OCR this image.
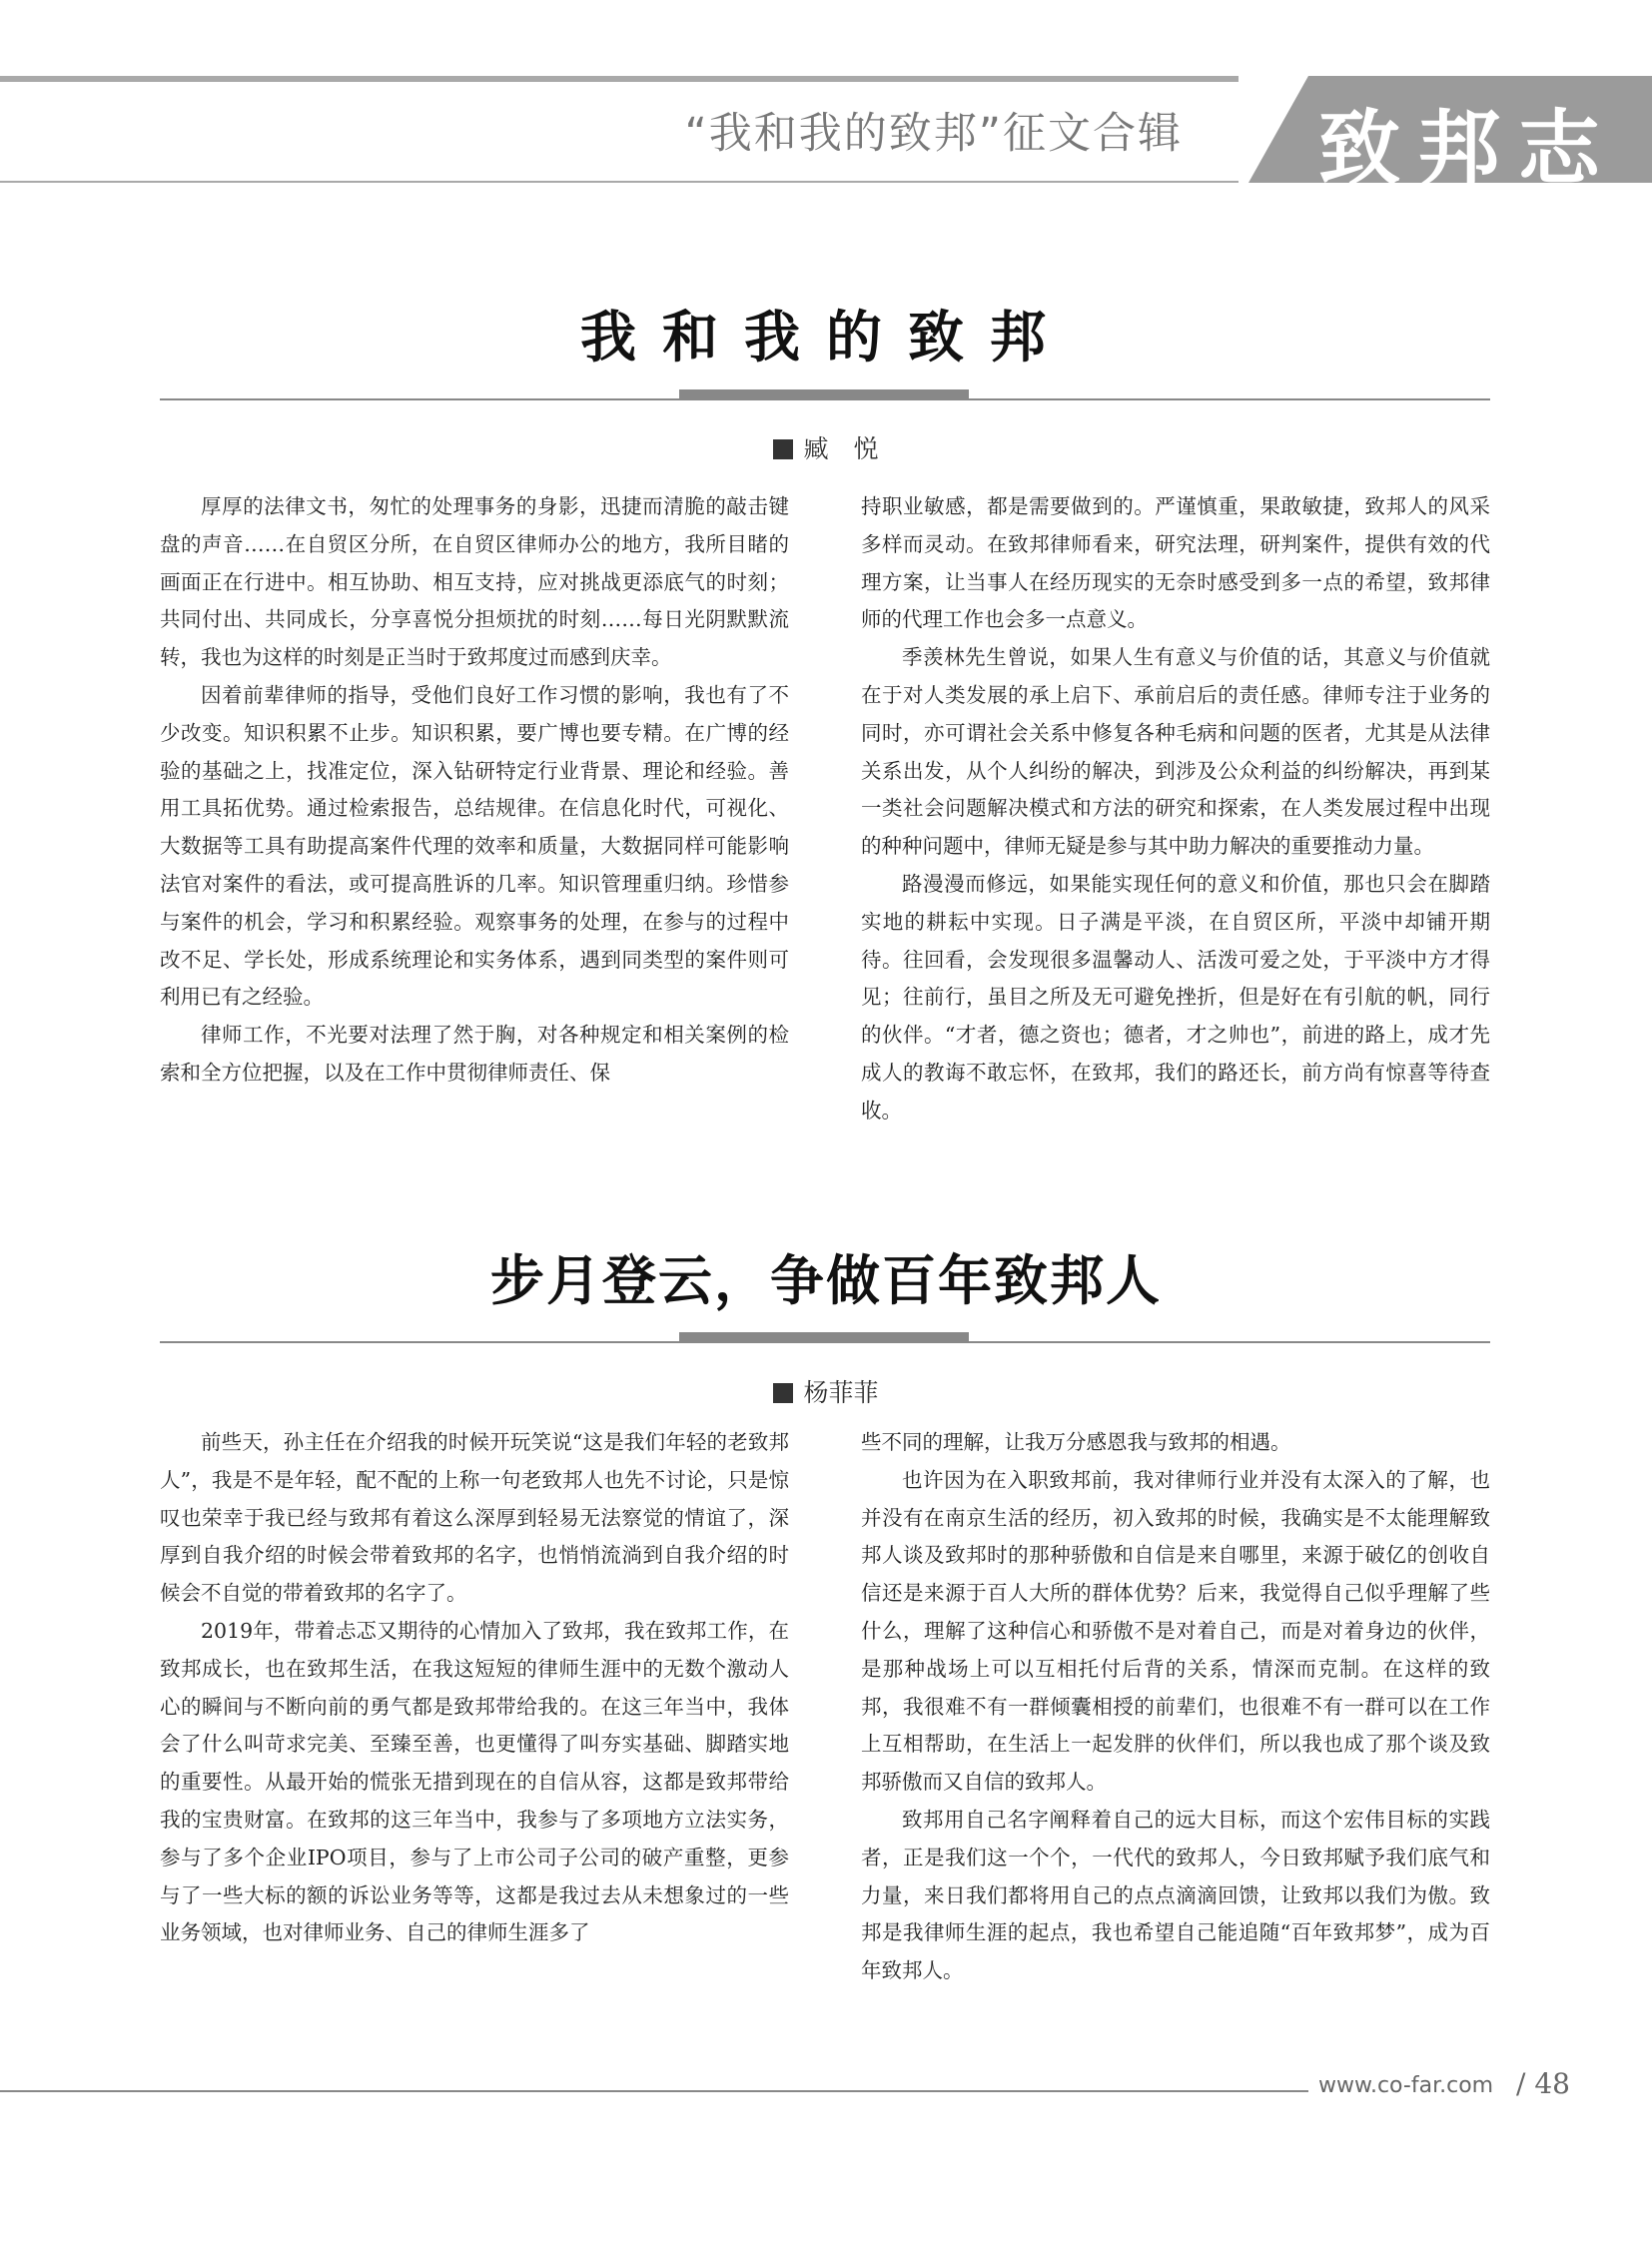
“我和我的致邦”征文合辑 致邦志
我和我的致邦
臧　悦

厚厚的法律文书，匆忙的处理事务的身影，迅捷而清脆的敲击键盘的声音……在自贸区分所，在自贸区律师办公的地方，我所目睹的画面正在行进中。相互协助、相互支持，应对挑战更添底气的时刻；共同付出、共同成长，分享喜悦分担烦扰的时刻……每日光阴默默流转，我也为这样的时刻是正当时于致邦度过而感到庆幸。

因着前辈律师的指导，受他们良好工作习惯的影响，我也有了不少改变。知识积累不止步。知识积累，要广博也要专精。在广博的经验的基础之上，找准定位，深入钻研特定行业背景、理论和经验。善用工具拓优势。通过检索报告，总结规律。在信息化时代，可视化、大数据等工具有助提高案件代理的效率和质量，大数据同样可能影响法官对案件的看法，或可提高胜诉的几率。知识管理重归纳。珍惜参与案件的机会，学习和积累经验。观察事务的处理，在参与的过程中改不足、学长处，形成系统理论和实务体系，遇到同类型的案件则可利用已有之经验。

律师工作，不光要对法理了然于胸，对各种规定和相关案例的检索和全方位把握，以及在工作中贯彻律师责任、保

持职业敏感，都是需要做到的。严谨慎重，果敢敏捷，致邦人的风采多样而灵动。在致邦律师看来，研究法理，研判案件，提供有效的代理方案，让当事人在经历现实的无奈时感受到多一点的希望，致邦律师的代理工作也会多一点意义。

季羡林先生曾说，如果人生有意义与价值的话，其意义与价值就在于对人类发展的承上启下、承前启后的责任感。律师专注于业务的同时，亦可谓社会关系中修复各种毛病和问题的医者，尤其是从法律关系出发，从个人纠纷的解决，到涉及公众利益的纠纷解决，再到某一类社会问题解决模式和方法的研究和探索，在人类发展过程中出现的种种问题中，律师无疑是参与其中助力解决的重要推动力量。

路漫漫而修远，如果能实现任何的意义和价值，那也只会在脚踏实地的耕耘中实现。日子满是平淡，在自贸区所，平淡中却铺开期待。往回看，会发现很多温馨动人、活泼可爱之处，于平淡中方才得见；往前行，虽目之所及无可避免挫折，但是好在有引航的帆，同行的伙伴。“才者，德之资也；德者，才之帅也”，前进的路上，成才先成人的教诲不敢忘怀，在致邦，我们的路还长，前方尚有惊喜等待查收。

步月登云，争做百年致邦人
杨菲菲

前些天，孙主任在介绍我的时候开玩笑说“这是我们年轻的老致邦人”，我是不是年轻，配不配的上称一句老致邦人也先不讨论，只是惊叹也荣幸于我已经与致邦有着这么深厚到轻易无法察觉的情谊了，深厚到自我介绍的时候会带着致邦的名字，也悄悄流淌到自我介绍的时候会不自觉的带着致邦的名字了。

2019年，带着忐忑又期待的心情加入了致邦，我在致邦工作，在致邦成长，也在致邦生活，在我这短短的律师生涯中的无数个激动人心的瞬间与不断向前的勇气都是致邦带给我的。在这三年当中，我体会了什么叫苛求完美、至臻至善，也更懂得了叫夯实基础、脚踏实地的重要性。从最开始的慌张无措到现在的自信从容，这都是致邦带给我的宝贵财富。在致邦的这三年当中，我参与了多项地方立法实务，参与了多个企业IPO项目，参与了上市公司子公司的破产重整，更参与了一些大标的额的诉讼业务等等，这都是我过去从未想象过的一些业务领域，也对律师业务、自己的律师生涯多了

些不同的理解，让我万分感恩我与致邦的相遇。

也许因为在入职致邦前，我对律师行业并没有太深入的了解，也并没有在南京生活的经历，初入致邦的时候，我确实是不太能理解致邦人谈及致邦时的那种骄傲和自信是来自哪里，来源于破亿的创收自信还是来源于百人大所的群体优势？后来，我觉得自己似乎理解了些什么，理解了这种信心和骄傲不是对着自己，而是对着身边的伙伴，是那种战场上可以互相托付后背的关系，情深而克制。在这样的致邦，我很难不有一群倾囊相授的前辈们，也很难不有一群可以在工作上互相帮助，在生活上一起发胖的伙伴们，所以我也成了那个谈及致邦骄傲而又自信的致邦人。

致邦用自己名字阐释着自己的远大目标，而这个宏伟目标的实践者，正是我们这一个个，一代代的致邦人，今日致邦赋予我们底气和力量，来日我们都将用自己的点点滴滴回馈，让致邦以我们为傲。致邦是我律师生涯的起点，我也希望自己能追随“百年致邦梦”，成为百年致邦人。

www.co-far.com / 48
